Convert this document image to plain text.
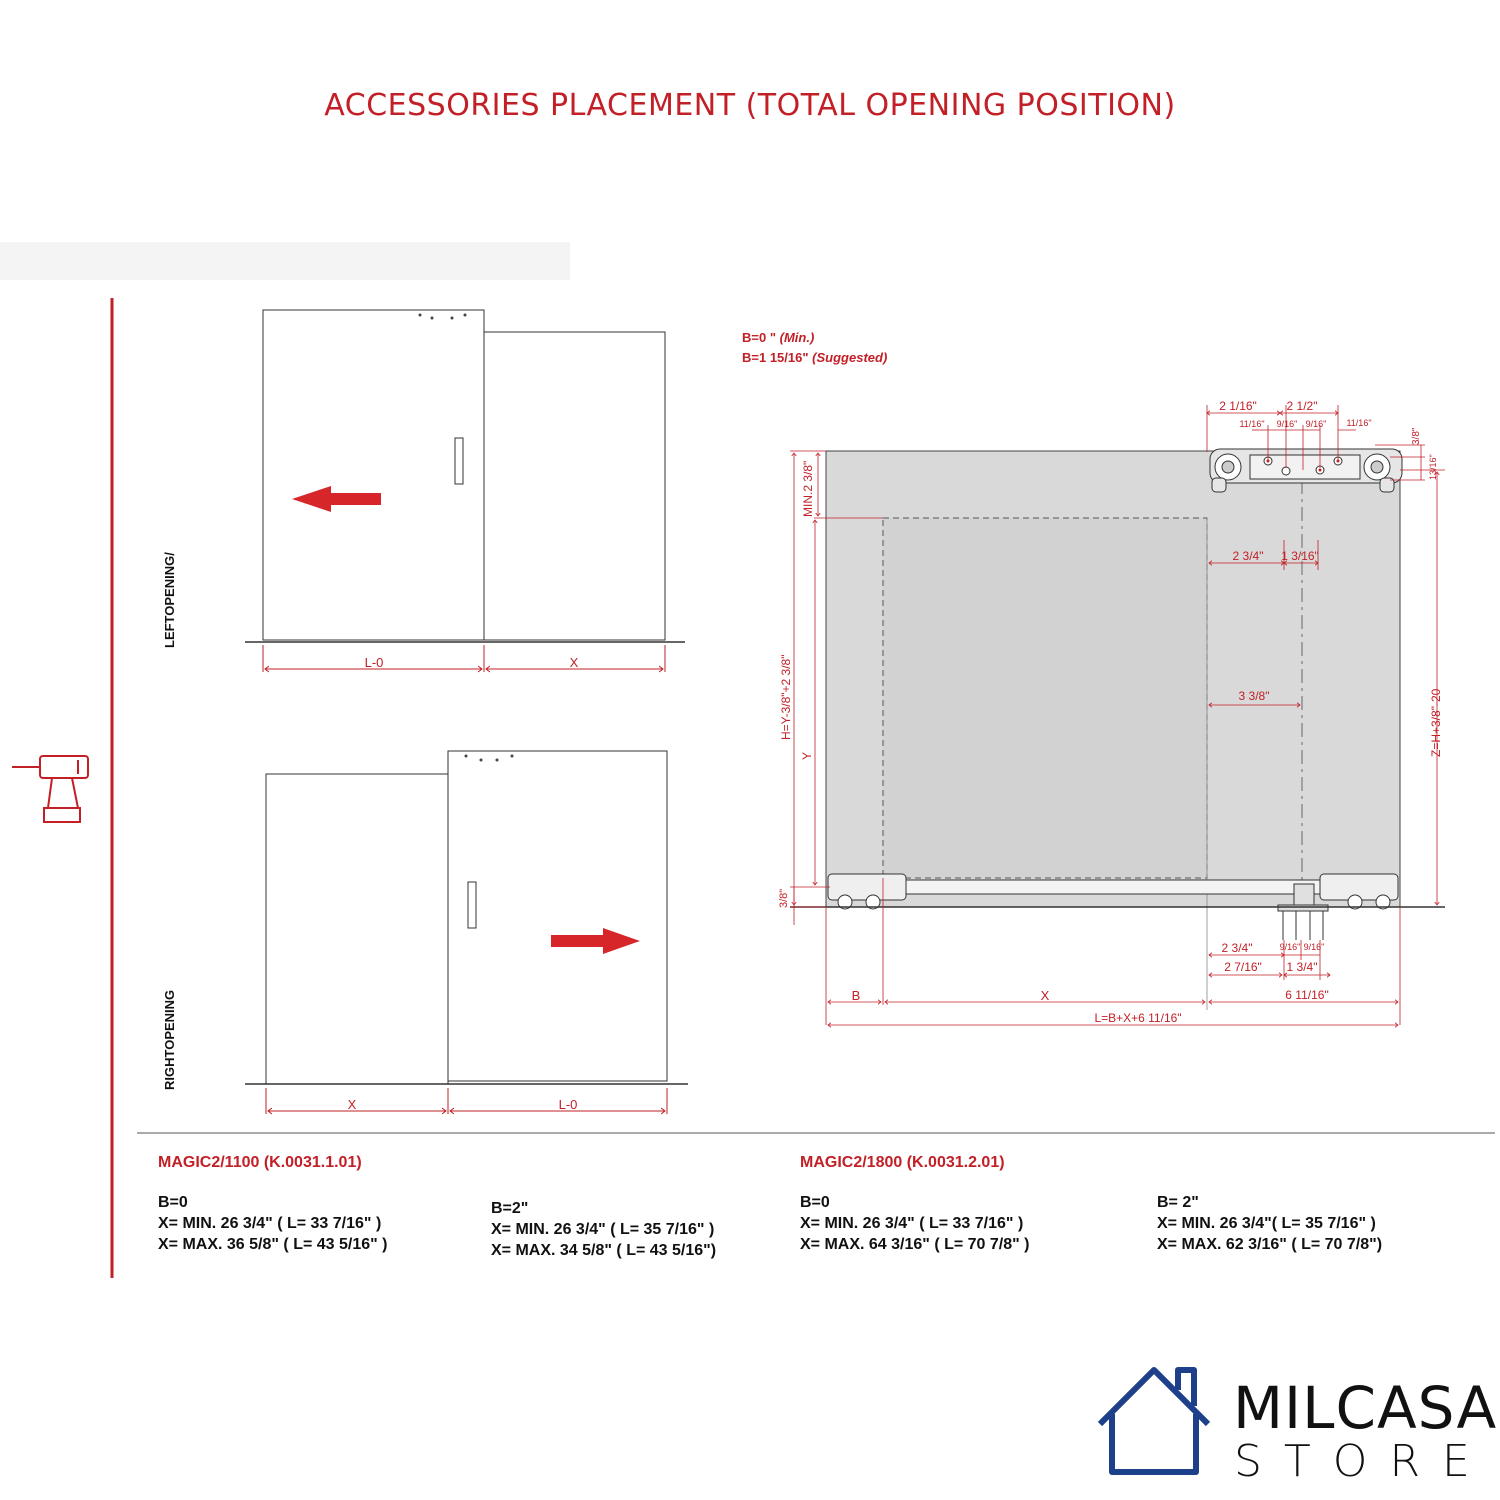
ACCESSORIES PLACEMENT (TOTAL OPENING POSITION)
L-0	X
X	L-0
2 1/16" 2 1/2"
11/16" 9/16" 9/16" 11/16"
3/8"
13/16"
2 3/4" 1 3/16"
3 3/8"
MIN.2 3/8"
H=Y-3/8"+2 3/8"
Y
3/8"
Z=H+3/8"-20
2 3/4"	9/16" 9/16"
2 7/16" 1 3/4"
B	X	6 11/16"
L=B+X+6 11/16"
LEFTOPENING/
RIGHTOPENING
B=0 " (Min.)
B=1 15/16" (Suggested)
MAGIC2/1100 (K.0031.1.01)
B=0
X= MIN. 26 3/4" ( L= 33 7/16" )
X= MAX. 36 5/8" ( L= 43 5/16" )
B=2"
X= MIN. 26 3/4" ( L= 35 7/16" )
X= MAX. 34 5/8" ( L= 43 5/16")
MAGIC2/1800 (K.0031.2.01)
B=0
X= MIN. 26 3/4" ( L= 33 7/16" )
X= MAX. 64 3/16" ( L= 70 7/8" )
B= 2"
X= MIN. 26 3/4"( L= 35 7/16" )
X= MAX. 62 3/16" ( L= 70 7/8")
MILCASA
STORE
